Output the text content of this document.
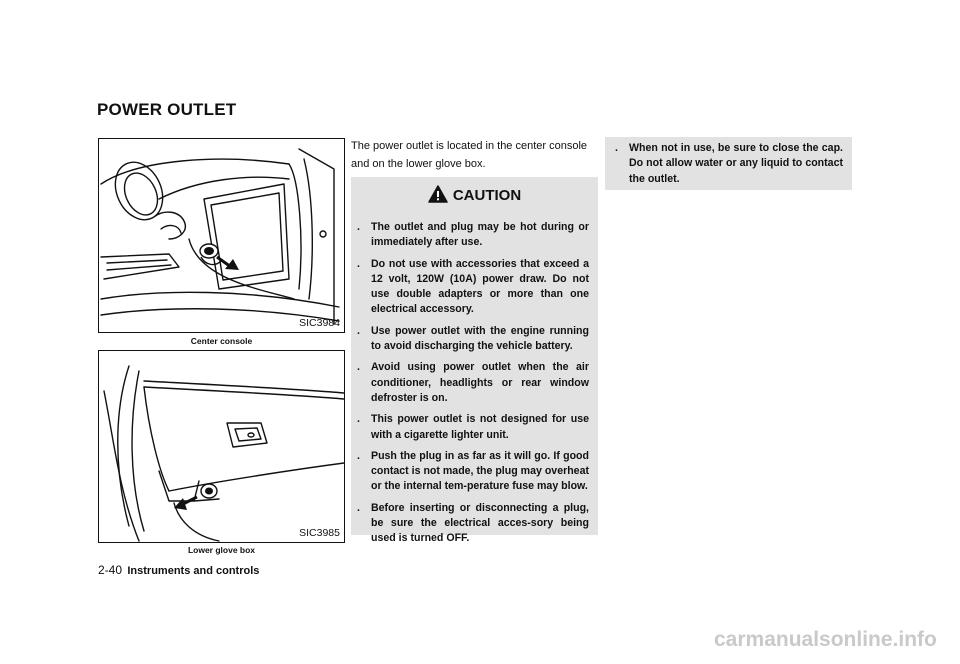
POWER OUTLET
SIC3984
Center console
SIC3985
Lower glove box

The power outlet is located in the center console and on the lower glove box.

CAUTION
. The outlet and plug may be hot during or immediately after use.
. Do not use with accessories that exceed a 12 volt, 120W (10A) power draw. Do not use double adapters or more than one electrical accessory.
. Use power outlet with the engine running to avoid discharging the vehicle battery.
. Avoid using power outlet when the air conditioner, headlights or rear window defroster is on.
. This power outlet is not designed for use with a cigarette lighter unit.
. Push the plug in as far as it will go. If good contact is not made, the plug may overheat or the internal tem-perature fuse may blow.
. Before inserting or disconnecting a plug, be sure the electrical acces-sory being used is turned OFF.
. When not in use, be sure to close the cap. Do not allow water or any liquid to contact the outlet.
2-40 Instruments and controls
carmanualsonline.info
